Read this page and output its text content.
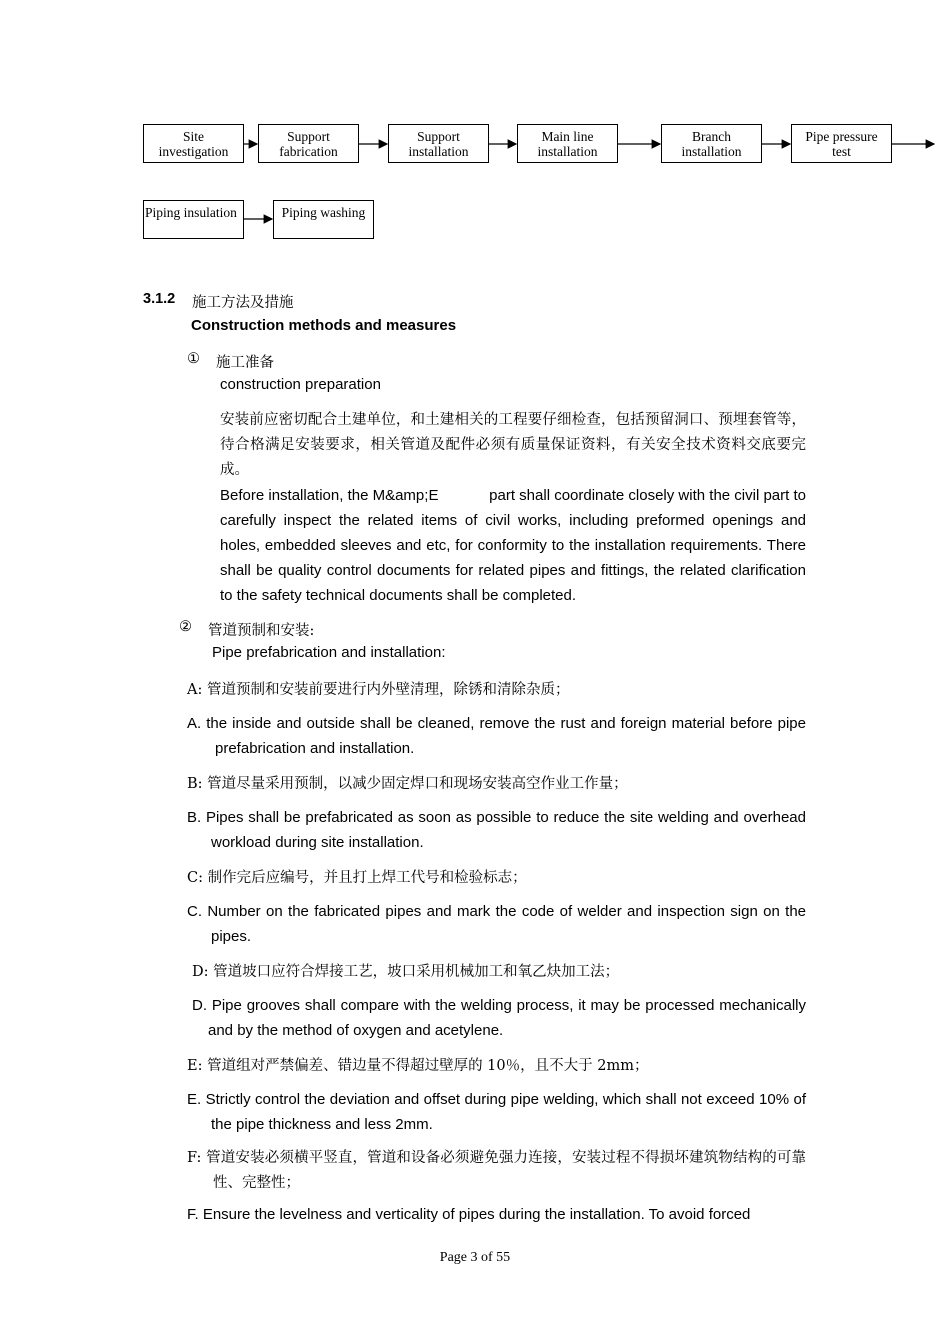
Site
investigation
Support
fabrication
Support
installation
Main line
installation
Branch
installation
Pipe pressure
test
Piping insulation	Piping washing
3.1.2 施工方法及措施
Construction methods and measures
① 施工准备
construction preparation
安装前应密切配合土建单位，和土建相关的工程要仔细检查，包括预留洞口、预埋套管等，待合格满足安装要求，相关管道及配件必须有质量保证资料，有关安全技术资料交底要完成。
Before installation, the M&amp;E	part shall coordinate closely with the civil part to
carefully inspect the related items of civil works, including preformed openings and holes, embedded sleeves and etc, for conformity to the installation requirements. There shall be quality control documents for related pipes and fittings, the related clarification to the safety technical documents shall be completed.
② 管道预制和安装:
Pipe prefabrication and installation:
A: 管道预制和安装前要进行内外壁清理，除锈和清除杂质；
A. the inside and outside shall be cleaned, remove the rust and foreign material before pipe prefabrication and installation.
B: 管道尽量采用预制，以减少固定焊口和现场安装高空作业工作量；
B. Pipes shall be prefabricated as soon as possible to reduce the site welding and overhead workload during site installation.
C: 制作完后应编号，并且打上焊工代号和检验标志；
C. Number on the fabricated pipes and mark the code of welder and inspection sign on the pipes.
D: 管道坡口应符合焊接工艺，坡口采用机械加工和氧乙炔加工法；
D. Pipe grooves shall compare with the welding process, it may be processed mechanically and by the method of oxygen and acetylene.
E: 管道组对严禁偏差、错边量不得超过壁厚的 10％，且不大于 2mm；
E. Strictly control the deviation and offset during pipe welding, which shall not exceed 10% of the pipe thickness and less 2mm.
F: 管道安装必须横平竖直，管道和设备必须避免强力连接，安装过程不得损坏建筑物结构的可靠性、完整性；
F. Ensure the levelness and verticality of pipes during the installation. To avoid forced
Page 3 of 55
